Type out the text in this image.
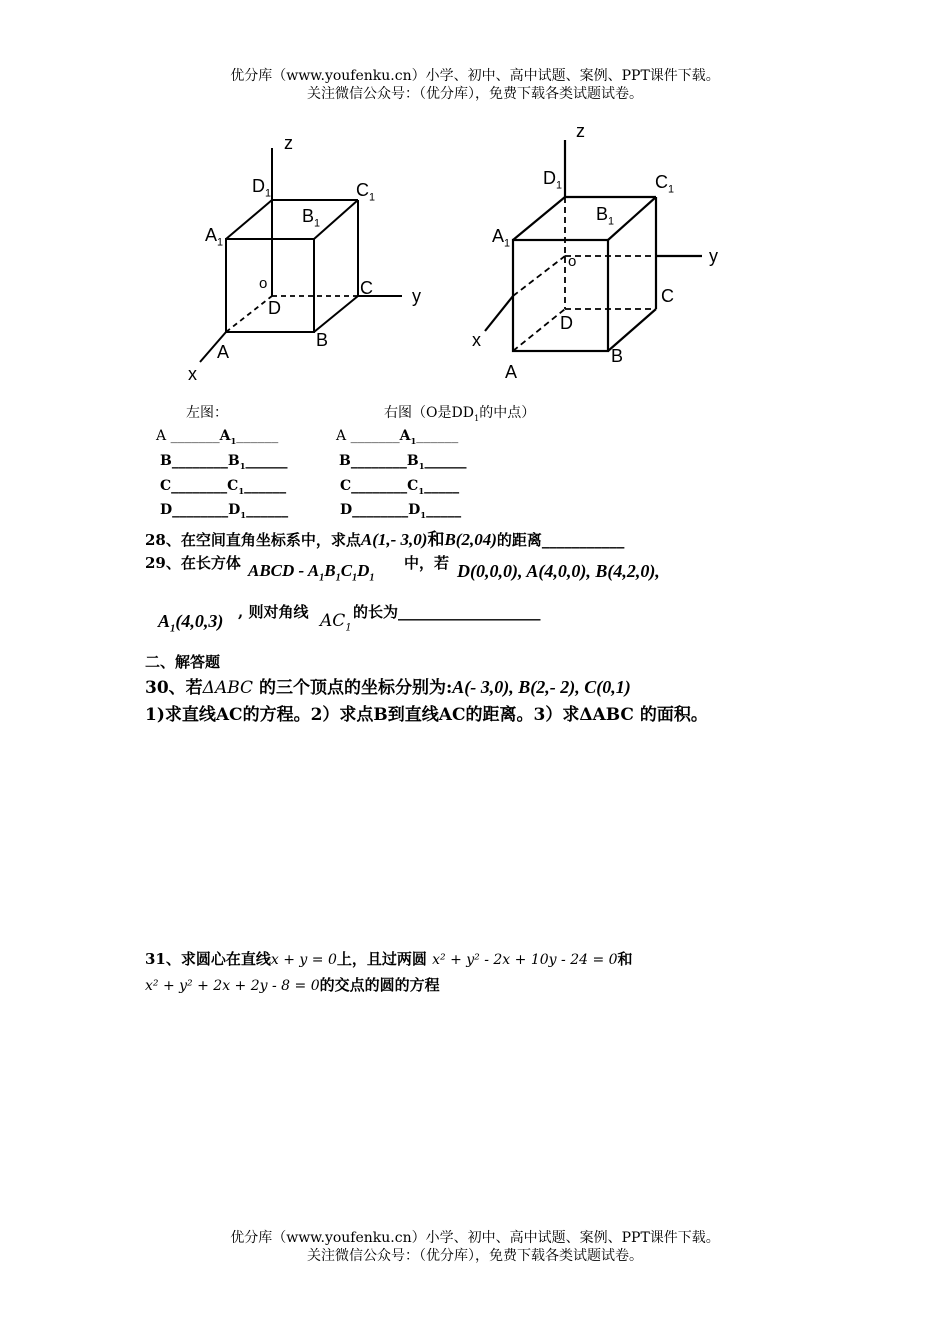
优分库（www.youfenku.cn）小学、初中、高中试题、案例、PPT课件下载。
关注微信公众号：（优分库），免费下载各类试题试卷。
z
$D_1$	$C_1$
$B_1$
$A_1$
o	C y
D
B
A
x
z
$D_1$	$C_1$
$B_1$
$A_1$
o	y
C
D
x
B
A
左图：	右图（O是$DD_1$的中点）
A $\_\_\_\_\_\_\_A_1\_\_\_\_\_\_$	A $\_\_\_\_\_\_\_A_1\_\_\_\_\_\_$
$B\_\_\_\_\_\_\_\_B_1\_\_\_\_\_\_$	$B\_\_\_\_\_\_\_\_B_1\_\_\_\_\_\_$
$C\_\_\_\_\_\_\_\_C_1\_\_\_\_\_\_$	$C\_\_\_\_\_\_\_\_C_1\_\_\_\_\_$
$D\_\_\_\_\_\_\_\_D_1\_\_\_\_\_\_$	$D\_\_\_\_\_\_\_\_D_1\_\_\_\_\_$
28、在空间直角坐标系中，求点A(1,- 3,0)和B(2,04)的距离___________
29、在长方体 ABCD - $A_1B_1C_1D_1$
中，若 D(0,0,0), A(4,0,0), B(4,2,0),
$A_1(4,0,3)$ , 则对角线 $AC_1$
的长为___________________
二、解答题
30、若ΔABC 的三个顶点的坐标分别为:A(- 3,0), B(2,- 2), C(0,1)
1)求直线AC的方程。2）求点B到直线AC的距离。3）求ΔABC 的面积。
31、求圆心在直线x + y = 0上，且过两圆 x² + y² - 2x + 10y - 24 = 0和
x² + y² + 2x + 2y - 8 = 0的交点的圆的方程
优分库（www.youfenku.cn）小学、初中、高中试题、案例、PPT课件下载。
关注微信公众号：（优分库），免费下载各类试题试卷。
